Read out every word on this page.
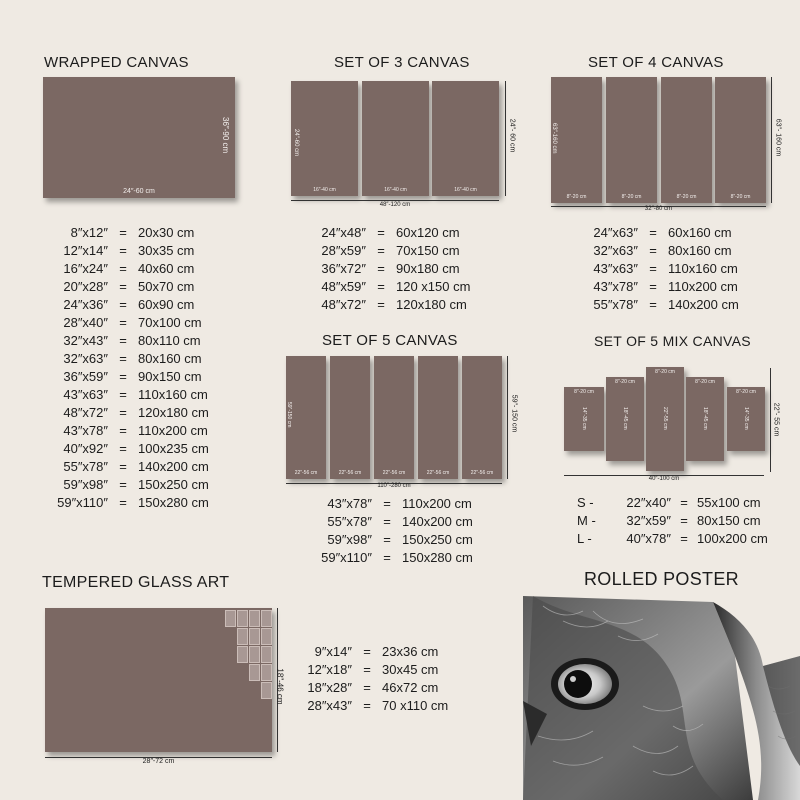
WRAPPED CANVAS
24″-60 cm
36″-90 cm
8″x12″ = 20x30 cm
12″x14″ = 30x35 cm
16″x24″ = 40x60 cm
20″x28″ = 50x70 cm
24″x36″ = 60x90 cm
28″x40″ = 70x100 cm
32″x43″ = 80x110 cm
32″x63″ = 80x160 cm
36″x59″ = 90x150 cm
43″x63″ = 110x160 cm
48″x72″ = 120x180 cm
43″x78″ = 110x200 cm
40″x92″ = 100x235 cm
55″x78″ = 140x200 cm
59″x98″ = 150x250 cm
59″x110″ = 150x280 cm
SET OF 3 CANVAS
24″-60 cm
16″-40 cm	16″-40 cm	16″-40 cm
48″-120 cm
24″- 60 cm
24″x48″ = 60x120 cm
28″x59″ = 70x150 cm
36″x72″ = 90x180 cm
48″x59″ = 120 x150 cm
48″x72″ = 120x180 cm
SET OF 4 CANVAS
63″-160 cm
8″-20 cm	8″-20 cm	8″-20 cm	8″-20 cm
32″-80 cm
63″- 160 cm
24″x63″ = 60x160 cm
32″x63″ = 80x160 cm
43″x63″ = 110x160 cm
43″x78″ = 110x200 cm
55″x78″ = 140x200 cm
SET OF 5 CANVAS
59″-150 cm
22″-56 cm	22″-56 cm	22″-56 cm	22″-56 cm	22″-56 cm
110″-280 cm
59″- 150 cm
43″x78″ = 110x200 cm
55″x78″ = 140x200 cm
59″x98″ = 150x250 cm
59″x110″ = 150x280 cm
SET OF 5 MIX CANVAS
8″-20 cm
14″-35 cm
8″-20 cm
18″-45 cm
8″-20 cm
22″-55 cm
8″-20 cm
18″-45 cm
8″-20 cm
14″-35 cm
40″-100 cm
22″- 55 cm
S -	22″x40″ = 55x100 cm
M -	32″x59″ = 80x150 cm
L -	40″x78″ = 100x200 cm
TEMPERED GLASS ART
28″-72 cm
18″-46 cm
9″x14″ = 23x36 cm
12″x18″ = 30x45 cm
18″x28″ = 46x72 cm
28″x43″ = 70 x110 cm
ROLLED POSTER
